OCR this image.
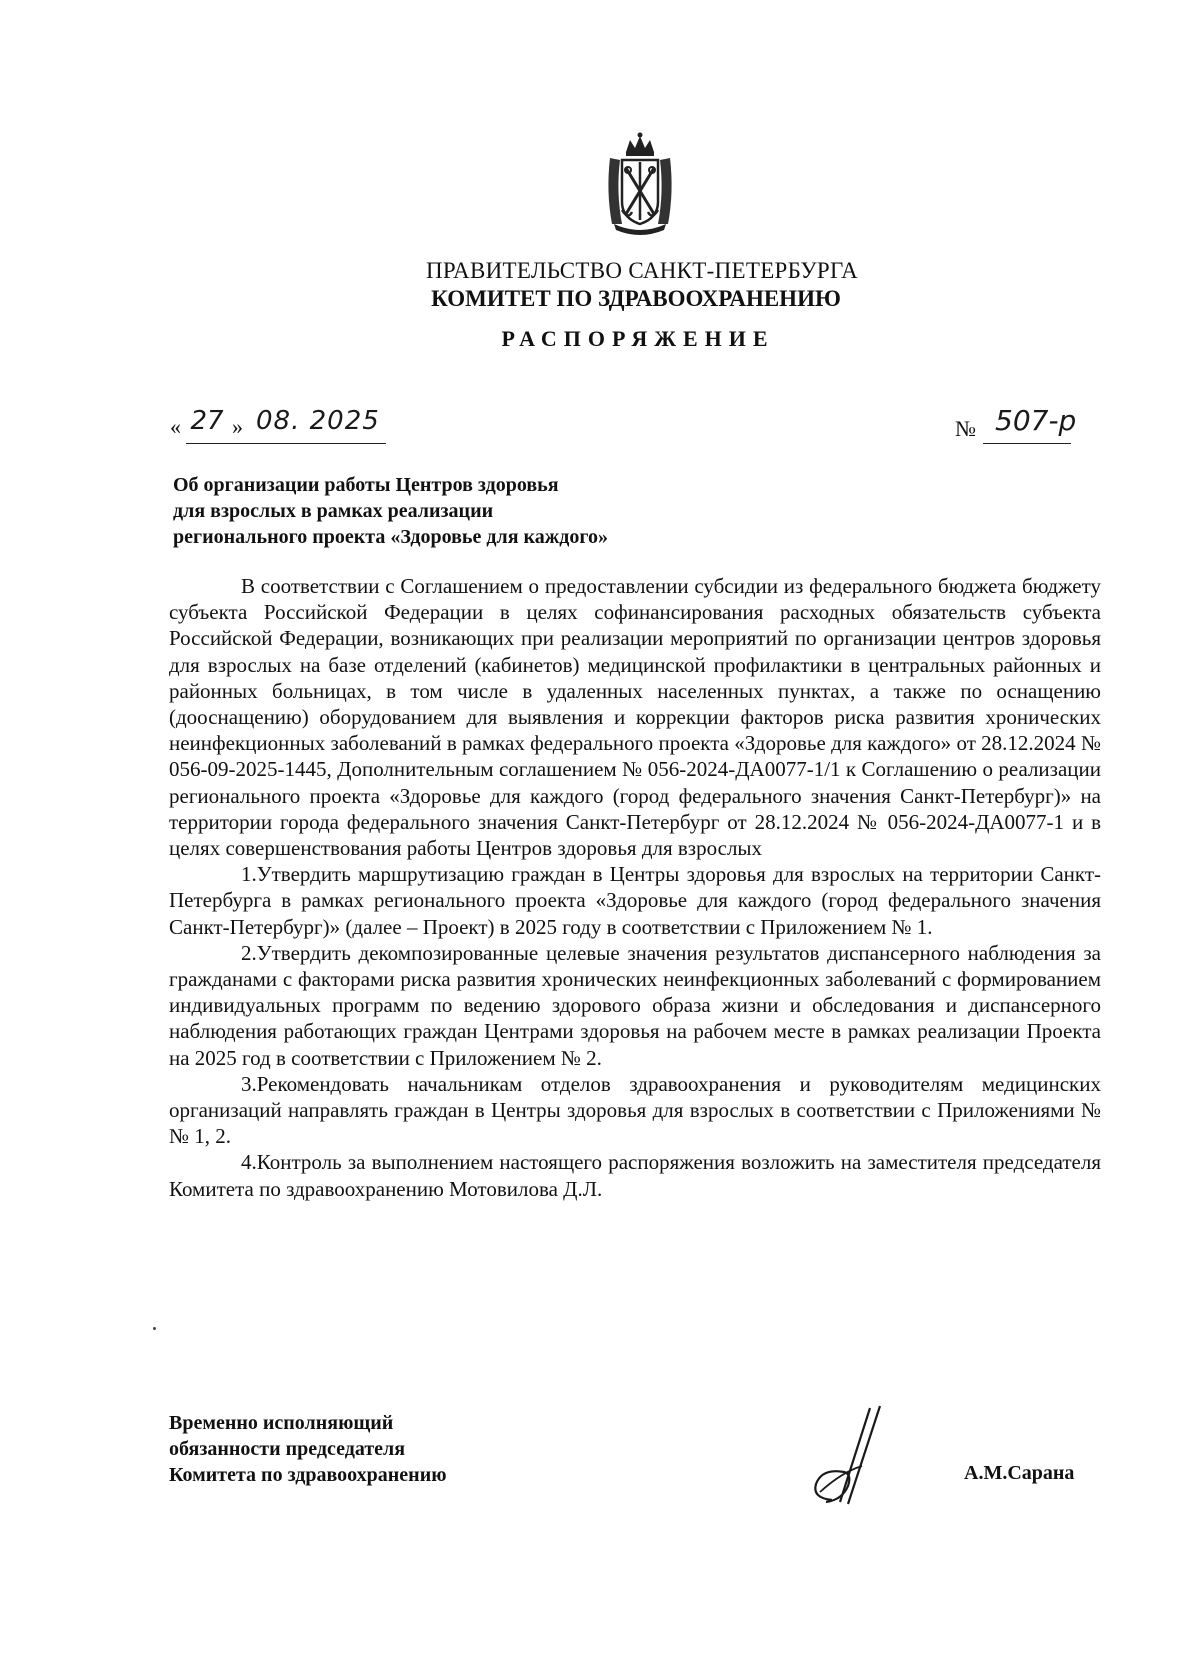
ПРАВИТЕЛЬСТВО САНКТ-ПЕТЕРБУРГА
КОМИТЕТ ПО ЗДРАВООХРАНЕНИЮ
РАСПОРЯЖЕНИЕ
« 27 » 08. 2025	№ 507-р
Об организации работы Центров здоровья
для взрослых в рамках реализации
регионального проекта «Здоровье для каждого»

В соответствии с Соглашением о предоставлении субсидии из федерального бюджета бюджету субъекта Российской Федерации в целях софинансирования расходных обязательств субъекта Российской Федерации, возникающих при реализации мероприятий по организации центров здоровья для взрослых на базе отделений (кабинетов) медицинской профилактики в центральных районных и районных больницах, в том числе в удаленных населенных пунктах, а также по оснащению (дооснащению) оборудованием для выявления и коррекции факторов риска развития хронических неинфекционных заболеваний в рамках федерального проекта «Здоровье для каждого» от 28.12.2024 № 056-09-2025-1445, Дополнительным соглашением № 056-2024-ДА0077-1/1 к Соглашению о реализации регионального проекта «Здоровье для каждого (город федерального значения Санкт-Петербург)» на территории города федерального значения Санкт-Петербург от 28.12.2024 № 056-2024-ДА0077-1 и в целях совершенствования работы Центров здоровья для взрослых

1.Утвердить маршрутизацию граждан в Центры здоровья для взрослых на территории Санкт-Петербурга в рамках регионального проекта «Здоровье для каждого (город федерального значения Санкт-Петербург)» (далее – Проект) в 2025 году в соответствии с Приложением № 1.

2.Утвердить декомпозированные целевые значения результатов диспансерного наблюдения за гражданами с факторами риска развития хронических неинфекционных заболеваний с формированием индивидуальных программ по ведению здорового образа жизни и обследования и диспансерного наблюдения работающих граждан Центрами здоровья на рабочем месте в рамках реализации Проекта на 2025 год в соответствии с Приложением № 2.

3.Рекомендовать начальникам отделов здравоохранения и руководителям медицинских организаций направлять граждан в Центры здоровья для взрослых в соответствии с Приложениями № № 1, 2.

4.Контроль за выполнением настоящего распоряжения возложить на заместителя председателя Комитета по здравоохранению Мотовилова Д.Л.

Временно исполняющий
обязанности председателя
Комитета по здравоохранению	А.М.Сарана
